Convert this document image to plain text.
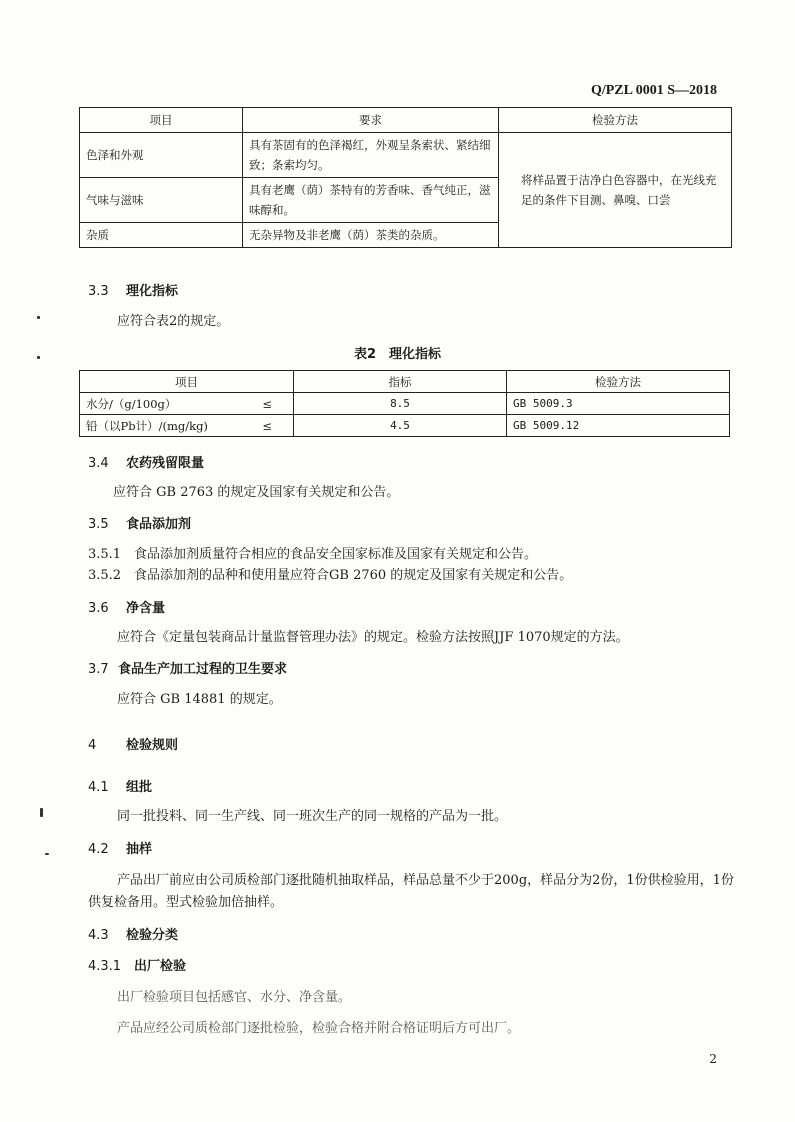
Q/PZL 0001 S—2018
项目	要求	检验方法
色泽和外观	具有茶固有的色泽褐红，外观呈条索状、紧结细致；条索均匀。	将样品置于洁净白色容器中，在光线充足的条件下目测、鼻嗅、口尝
气味与滋味	具有老鹰（荫）茶特有的芳香味、香气纯正，滋味醇和。	
杂质	无杂异物及非老鹰（荫）茶类的杂质。	
3.3 理化指标
应符合表2的规定。
表2　理化指标
项目		指标	检验方法
水分/（g/100g）	≤	8.5	GB 5009.3
铅（以Pb计）/(mg/kg)	≤	4.5	GB 5009.12
3.4 农药残留限量
应符合 GB 2763 的规定及国家有关规定和公告。
3.5 食品添加剂
3.5.1 食品添加剂质量符合相应的食品安全国家标准及国家有关规定和公告。
3.5.2 食品添加剂的品种和使用量应符合GB 2760 的规定及国家有关规定和公告。
3.6 净含量
应符合《定量包装商品计量监督管理办法》的规定。检验方法按照JJF 1070规定的方法。
3.7 食品生产加工过程的卫生要求
应符合 GB 14881 的规定。
4 检验规则
4.1 组批
同一批投料、同一生产线、同一班次生产的同一规格的产品为一批。
4.2 抽样
产品出厂前应由公司质检部门逐批随机抽取样品，样品总量不少于200g，样品分为2份，1份供检验用，1份供复检备用。型式检验加倍抽样。
4.3 检验分类
4.3.1 出厂检验
出厂检验项目包括感官、水分、净含量。
产品应经公司质检部门逐批检验，检验合格并附合格证明后方可出厂。
2
